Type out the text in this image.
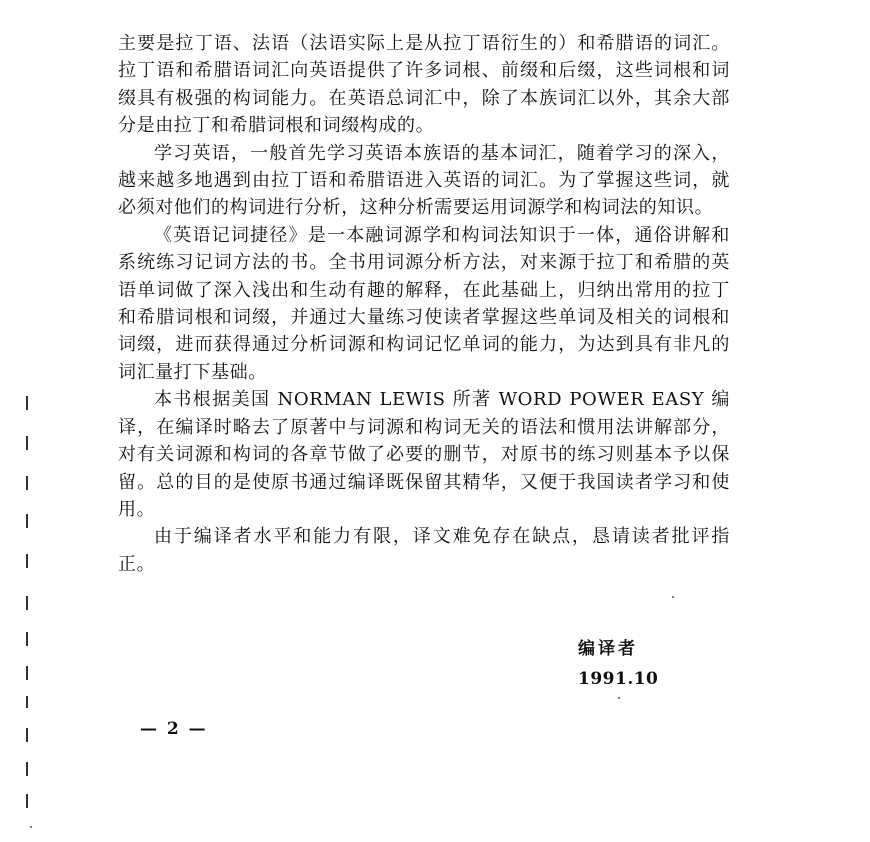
主要是拉丁语、法语（法语实际上是从拉丁语衍生的）和希腊语的词汇。拉丁语和希腊语词汇向英语提供了许多词根、前缀和后缀，这些词根和词缀具有极强的构词能力。在英语总词汇中，除了本族词汇以外，其余大部分是由拉丁和希腊词根和词缀构成的。

学习英语，一般首先学习英语本族语的基本词汇，随着学习的深入，越来越多地遇到由拉丁语和希腊语进入英语的词汇。为了掌握这些词，就必须对他们的构词进行分析，这种分析需要运用词源学和构词法的知识。

《英语记词捷径》是一本融词源学和构词法知识于一体，通俗讲解和系统练习记词方法的书。全书用词源分析方法，对来源于拉丁和希腊的英语单词做了深入浅出和生动有趣的解释，在此基础上，归纳出常用的拉丁和希腊词根和词缀，并通过大量练习使读者掌握这些单词及相关的词根和词缀，进而获得通过分析词源和构词记忆单词的能力，为达到具有非凡的词汇量打下基础。

本书根据美国 NORMAN LEWIS 所著 WORD POWER EASY 编译，在编译时略去了原著中与词源和构词无关的语法和惯用法讲解部分，对有关词源和构词的各章节做了必要的删节，对原书的练习则基本予以保留。总的目的是使原书通过编译既保留其精华，又便于我国读者学习和使用。

由于编译者水平和能力有限，译文难免存在缺点，恳请读者批评指正。

编译者
1991.10
— 2 —
